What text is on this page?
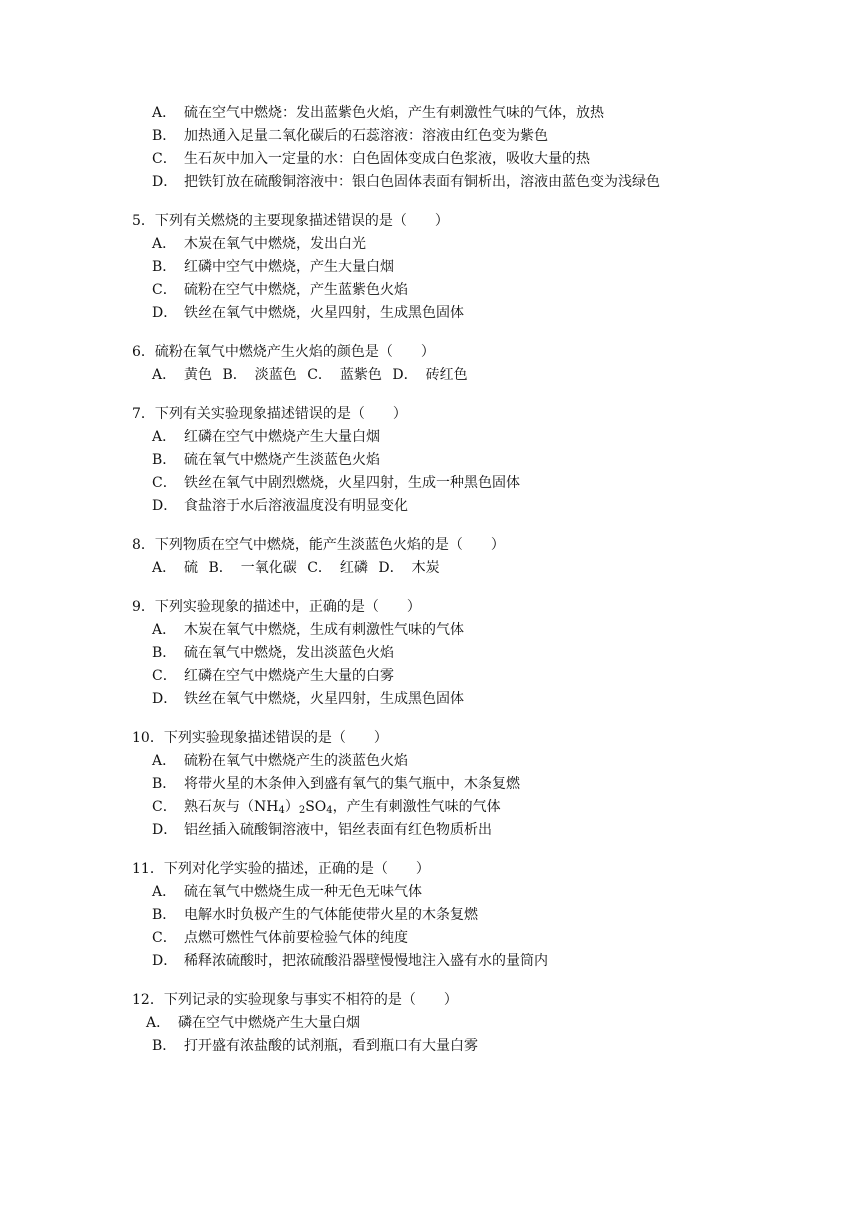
A． 硫在空气中燃烧：发出蓝紫色火焰，产生有刺激性气味的气体，放热
B． 加热通入足量二氧化碳后的石蕊溶液：溶液由红色变为紫色
C． 生石灰中加入一定量的水：白色固体变成白色浆液，吸收大量的热
D． 把铁钉放在硫酸铜溶液中：银白色固体表面有铜析出，溶液由蓝色变为浅绿色
5．下列有关燃烧的主要现象描述错误的是（　　）
A． 木炭在氧气中燃烧，发出白光
B． 红磷中空气中燃烧，产生大量白烟
C． 硫粉在空气中燃烧，产生蓝紫色火焰
D． 铁丝在氧气中燃烧，火星四射，生成黑色固体
6．硫粉在氧气中燃烧产生火焰的颜色是（　　）
A． 黄色 B． 淡蓝色 C． 蓝紫色 D． 砖红色
7．下列有关实验现象描述错误的是（　　）
A． 红磷在空气中燃烧产生大量白烟
B． 硫在氧气中燃烧产生淡蓝色火焰
C． 铁丝在氧气中剧烈燃烧，火星四射，生成一种黑色固体
D． 食盐溶于水后溶液温度没有明显变化
8．下列物质在空气中燃烧，能产生淡蓝色火焰的是（　　）
A． 硫 B． 一氧化碳 C． 红磷 D． 木炭
9．下列实验现象的描述中，正确的是（　　）
A． 木炭在氧气中燃烧，生成有刺激性气味的气体
B． 硫在氧气中燃烧，发出淡蓝色火焰
C． 红磷在空气中燃烧产生大量的白雾
D． 铁丝在氧气中燃烧，火星四射，生成黑色固体
10．下列实验现象描述错误的是（　　）
A． 硫粉在氧气中燃烧产生的淡蓝色火焰
B． 将带火星的木条伸入到盛有氧气的集气瓶中，木条复燃
C． 熟石灰与$(NH_4)_2SO_4$，产生有刺激性气味的气体
D． 铝丝插入硫酸铜溶液中，铝丝表面有红色物质析出
11．下列对化学实验的描述，正确的是（　　）
A． 硫在氧气中燃烧生成一种无色无味气体
B． 电解水时负极产生的气体能使带火星的木条复燃
C． 点燃可燃性气体前要检验气体的纯度
D． 稀释浓硫酸时，把浓硫酸沿器壁慢慢地注入盛有水的量筒内
12．下列记录的实验现象与事实不相符的是（　　）
A． 磷在空气中燃烧产生大量白烟
B． 打开盛有浓盐酸的试剂瓶，看到瓶口有大量白雾
